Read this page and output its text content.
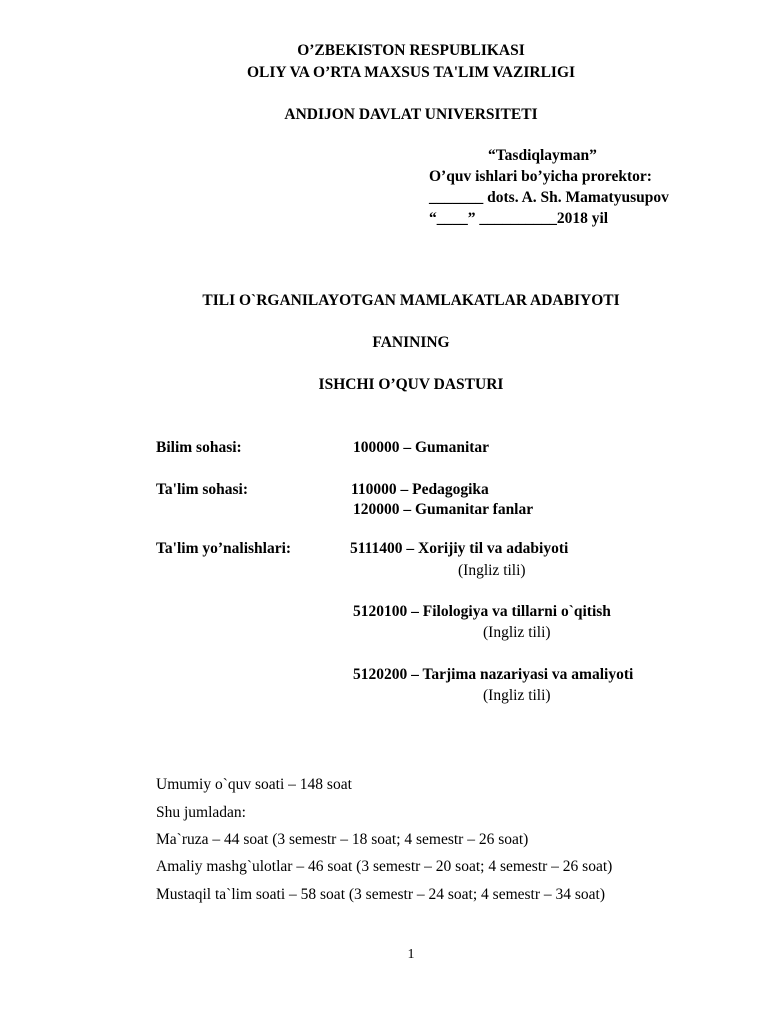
O’ZBEKISTON RESPUBLIKASI
OLIY VA O’RTA MAXSUS TA'LIM VAZIRLIGI
ANDIJON DAVLAT UNIVERSITETI
“Tasdiqlayman”
O’quv ishlari bo’yicha prorektor:
_______ dots. A. Sh. Mamatyusupov
“____” __________2018 yil
TILI O`RGANILAYOTGAN MAMLAKATLAR ADABIYOTI
FANINING
ISHCHI O’QUV DASTURI
Bilim sohasi:	100000 – Gumanitar
Ta'lim sohasi:	110000 – Pedagogika
120000 – Gumanitar fanlar
Ta'lim yo’nalishlari:	5111400 – Xorijiy til va adabiyoti
(Ingliz tili)
5120100 – Filologiya va tillarni o`qitish
(Ingliz tili)
5120200 – Tarjima nazariyasi va amaliyoti
(Ingliz tili)
Umumiy o`quv soati – 148 soat
Shu jumladan:
Ma`ruza – 44 soat (3 semestr – 18 soat; 4 semestr – 26 soat)
Amaliy mashg`ulotlar – 46 soat (3 semestr – 20 soat; 4 semestr – 26 soat)
Mustaqil ta`lim soati – 58 soat (3 semestr – 24 soat; 4 semestr – 34 soat)
1
